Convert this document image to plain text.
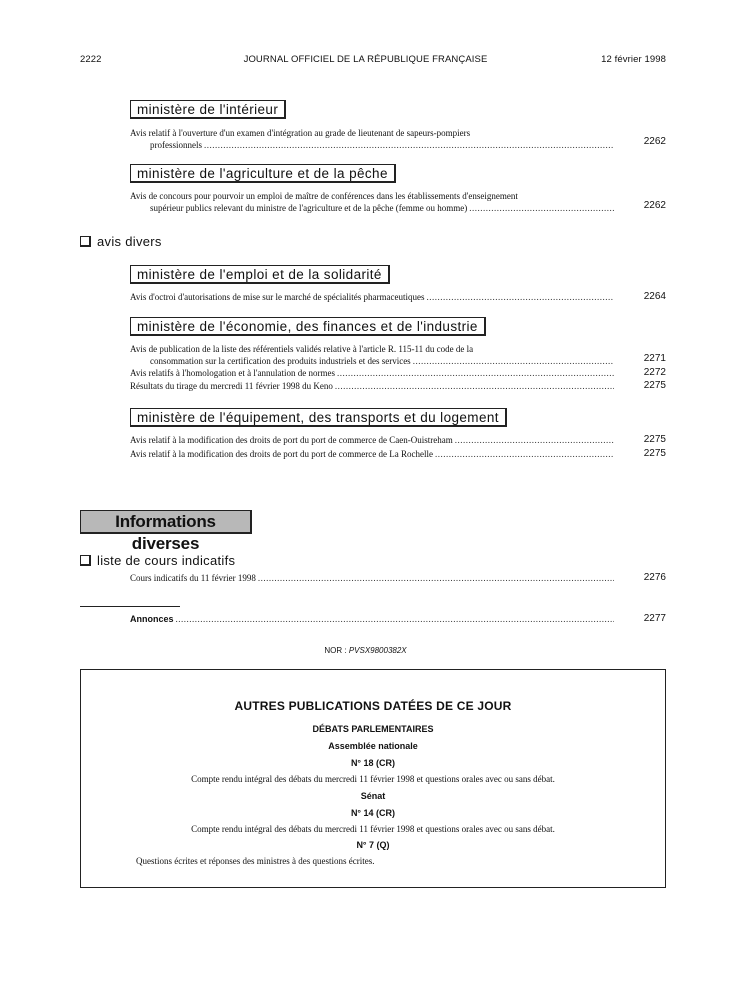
2222	JOURNAL OFFICIEL DE LA RÉPUBLIQUE FRANÇAISE	12 février 1998
ministère de l'intérieur
Avis relatif à l'ouverture d'un examen d'intégration au grade de lieutenant de sapeurs-pompiers
professionnels .....	2262
ministère de l'agriculture et de la pêche
Avis de concours pour pourvoir un emploi de maître de conférences dans les établissements d'enseignement
supérieur publics relevant du ministre de l'agriculture et de la pêche (femme ou homme) .....	2262
avis divers
ministère de l'emploi et de la solidarité
Avis d'octroi d'autorisations de mise sur le marché de spécialités pharmaceutiques .....	2264
ministère de l'économie, des finances et de l'industrie
Avis de publication de la liste des référentiels validés relative à l'article R. 115-11 du code de la
consommation sur la certification des produits industriels et des services .....	2271
Avis relatifs à l'homologation et à l'annulation de normes .....	2272
Résultats du tirage du mercredi 11 février 1998 du Keno .....	2275
ministère de l'équipement, des transports et du logement
Avis relatif à la modification des droits de port du port de commerce de Caen-Ouistreham .....	2275
Avis relatif à la modification des droits de port du port de commerce de La Rochelle .....	2275
Informations diverses
liste de cours indicatifs
Cours indicatifs du 11 février 1998 .....	2276
Annonces .....	2277
NOR : PVSX9800382X
AUTRES PUBLICATIONS DATÉES DE CE JOUR
DÉBATS PARLEMENTAIRES
Assemblée nationale
N° 18 (CR)
Compte rendu intégral des débats du mercredi 11 février 1998 et questions orales avec ou sans débat.
Sénat
N° 14 (CR)
Compte rendu intégral des débats du mercredi 11 février 1998 et questions orales avec ou sans débat.
N° 7 (Q)
Questions écrites et réponses des ministres à des questions écrites.
